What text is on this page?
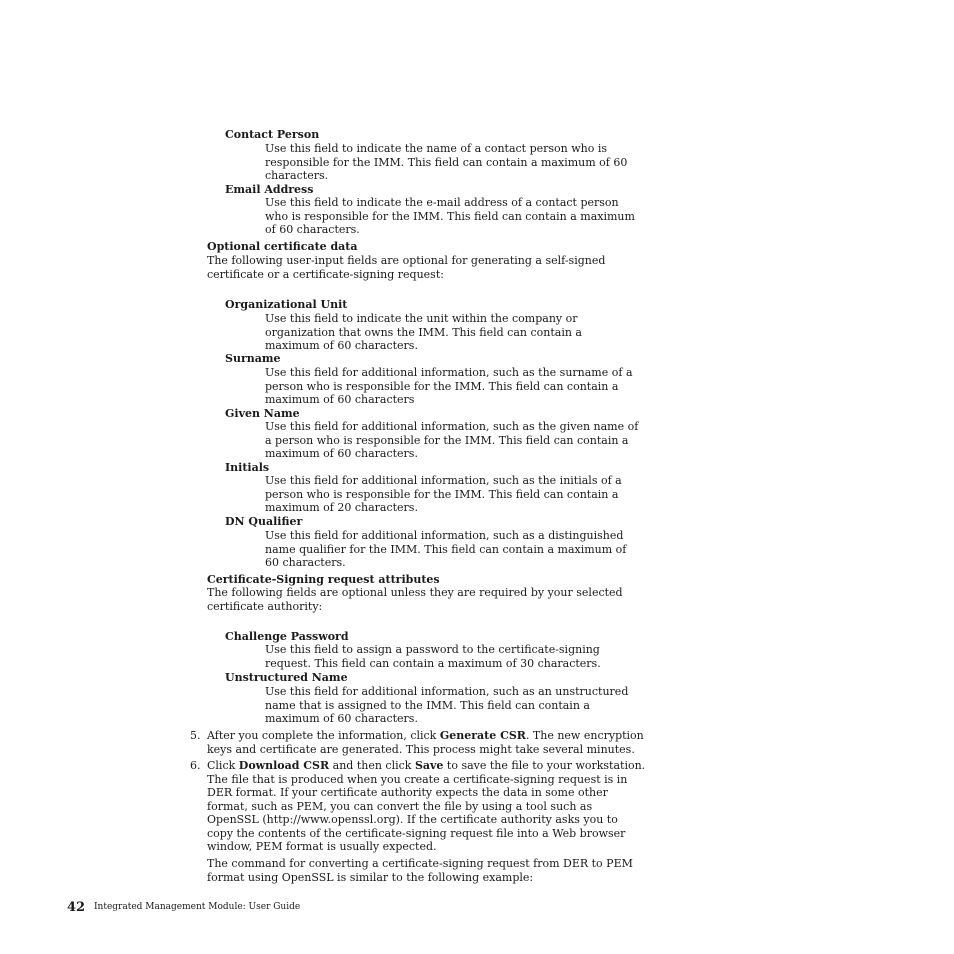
Contact Person
Use this field to indicate the name of a contact person who is
responsible for the IMM. This field can contain a maximum of 60
characters.
Email Address
Use this field to indicate the e-mail address of a contact person
who is responsible for the IMM. This field can contain a maximum
of 60 characters.
Optional certificate data
The following user-input fields are optional for generating a self-signed
certificate or a certificate-signing request:
Organizational Unit
Use this field to indicate the unit within the company or
organization that owns the IMM. This field can contain a
maximum of 60 characters.
Surname
Use this field for additional information, such as the surname of a
person who is responsible for the IMM. This field can contain a
maximum of 60 characters
Given Name
Use this field for additional information, such as the given name of
a person who is responsible for the IMM. This field can contain a
maximum of 60 characters.
Initials
Use this field for additional information, such as the initials of a
person who is responsible for the IMM. This field can contain a
maximum of 20 characters.
DN Qualifier
Use this field for additional information, such as a distinguished
name qualifier for the IMM. This field can contain a maximum of
60 characters.
Certificate-Signing request attributes
The following fields are optional unless they are required by your selected
certificate authority:
Challenge Password
Use this field to assign a password to the certificate-signing
request. This field can contain a maximum of 30 characters.
Unstructured Name
Use this field for additional information, such as an unstructured
name that is assigned to the IMM. This field can contain a
maximum of 60 characters.
5. After you complete the information, click Generate CSR. The new encryption
keys and certificate are generated. This process might take several minutes.
6. Click Download CSR and then click Save to save the file to your workstation.
The file that is produced when you create a certificate-signing request is in
DER format. If your certificate authority expects the data in some other
format, such as PEM, you can convert the file by using a tool such as
OpenSSL (http://www.openssl.org). If the certificate authority asks you to
copy the contents of the certificate-signing request file into a Web browser
window, PEM format is usually expected.
The command for converting a certificate-signing request from DER to PEM
format using OpenSSL is similar to the following example:
42 Integrated Management Module: User Guide
